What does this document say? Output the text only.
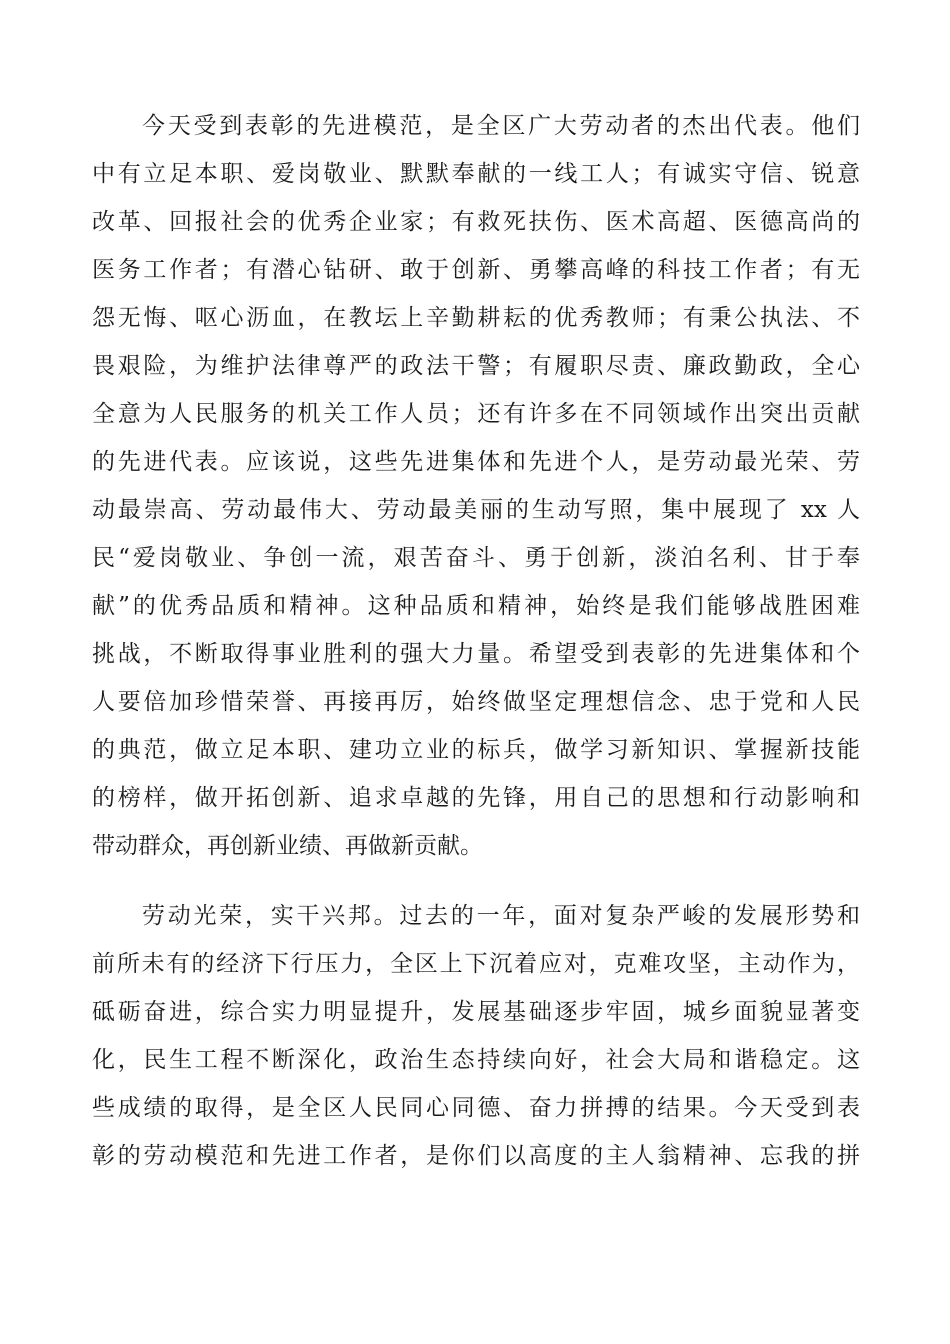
今天受到表彰的先进模范，是全区广大劳动者的杰出代表。他们
中有立足本职、爱岗敬业、默默奉献的一线工人；有诚实守信、锐意
改革、回报社会的优秀企业家；有救死扶伤、医术高超、医德高尚的
医务工作者；有潜心钻研、敢于创新、勇攀高峰的科技工作者；有无
怨无悔、呕心沥血，在教坛上辛勤耕耘的优秀教师；有秉公执法、不
畏艰险，为维护法律尊严的政法干警；有履职尽责、廉政勤政，全心
全意为人民服务的机关工作人员；还有许多在不同领域作出突出贡献
的先进代表。应该说，这些先进集体和先进个人，是劳动最光荣、劳
动最崇高、劳动最伟大、劳动最美丽的生动写照，集中展现了 xx 人
民“爱岗敬业、争创一流，艰苦奋斗、勇于创新，淡泊名利、甘于奉
献”的优秀品质和精神。这种品质和精神，始终是我们能够战胜困难
挑战，不断取得事业胜利的强大力量。希望受到表彰的先进集体和个
人要倍加珍惜荣誉、再接再厉，始终做坚定理想信念、忠于党和人民
的典范，做立足本职、建功立业的标兵，做学习新知识、掌握新技能
的榜样，做开拓创新、追求卓越的先锋，用自己的思想和行动影响和
带动群众，再创新业绩、再做新贡献。
劳动光荣，实干兴邦。过去的一年，面对复杂严峻的发展形势和
前所未有的经济下行压力，全区上下沉着应对，克难攻坚，主动作为，
砥砺奋进，综合实力明显提升，发展基础逐步牢固，城乡面貌显著变
化，民生工程不断深化，政治生态持续向好，社会大局和谐稳定。这
些成绩的取得，是全区人民同心同德、奋力拼搏的结果。今天受到表
彰的劳动模范和先进工作者，是你们以高度的主人翁精神、忘我的拼
